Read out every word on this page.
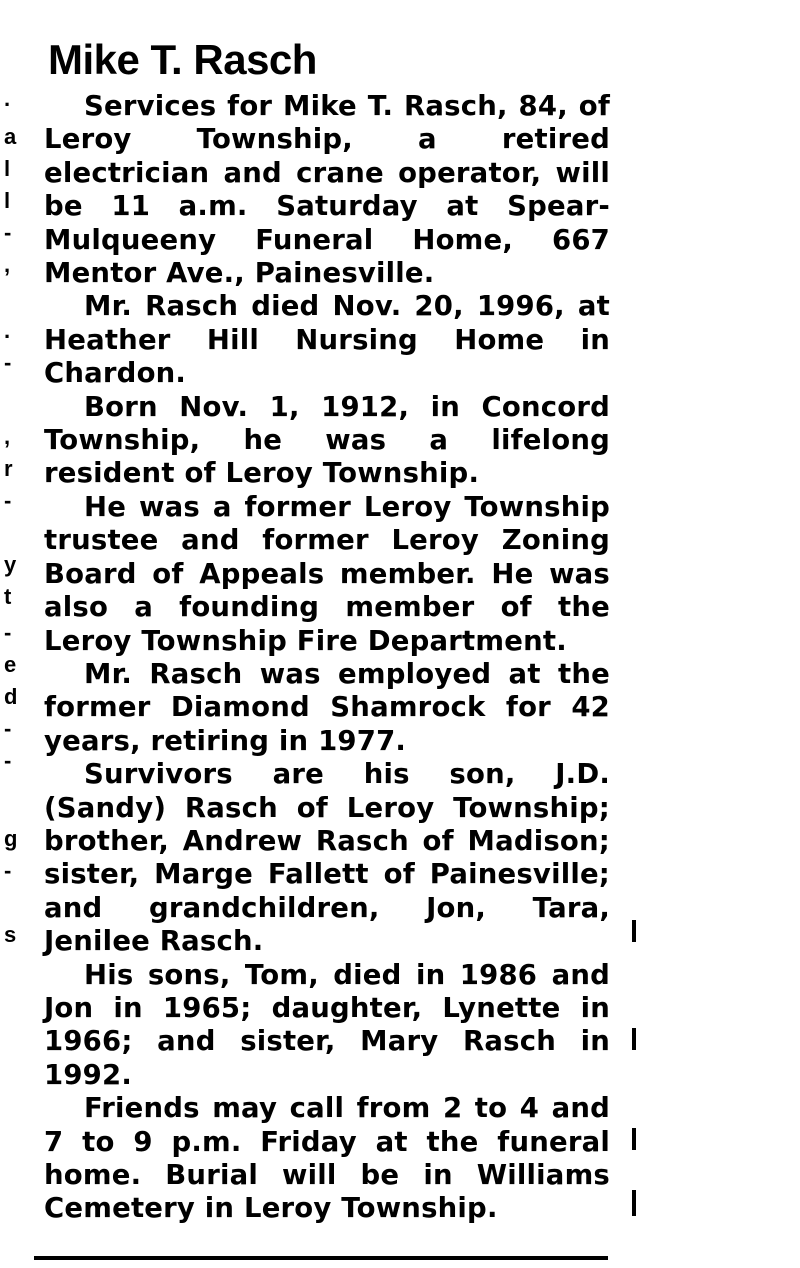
.
a
l
l
-
,
.
-
,
r
-
y
t
-
e
d
-
-
g
-
s
Mike T. Rasch

Services for Mike T. Rasch, 84, of Leroy Township, a retired electrician and crane operator, will be 11 a.m. Saturday at Spear-Mulqueeny Funeral Home, 667 Mentor Ave., Painesville.

Mr. Rasch died Nov. 20, 1996, at Heather Hill Nursing Home in Chardon.

Born Nov. 1, 1912, in Concord Township, he was a lifelong resident of Leroy Township.

He was a former Leroy Township trustee and former Leroy Zoning Board of Appeals member. He was also a founding member of the Leroy Township Fire Department.

Mr. Rasch was employed at the former Diamond Shamrock for 42 years, retiring in 1977.

Survivors are his son, J.D. (Sandy) Rasch of Leroy Township; brother, Andrew Rasch of Madison; sister, Marge Fallett of Painesville; and grandchildren, Jon, Tara, Jenilee Rasch.

His sons, Tom, died in 1986 and Jon in 1965; daughter, Lynette in 1966; and sister, Mary Rasch in 1992.

Friends may call from 2 to 4 and 7 to 9 p.m. Friday at the funeral home. Burial will be in Williams Cemetery in Leroy Township.
